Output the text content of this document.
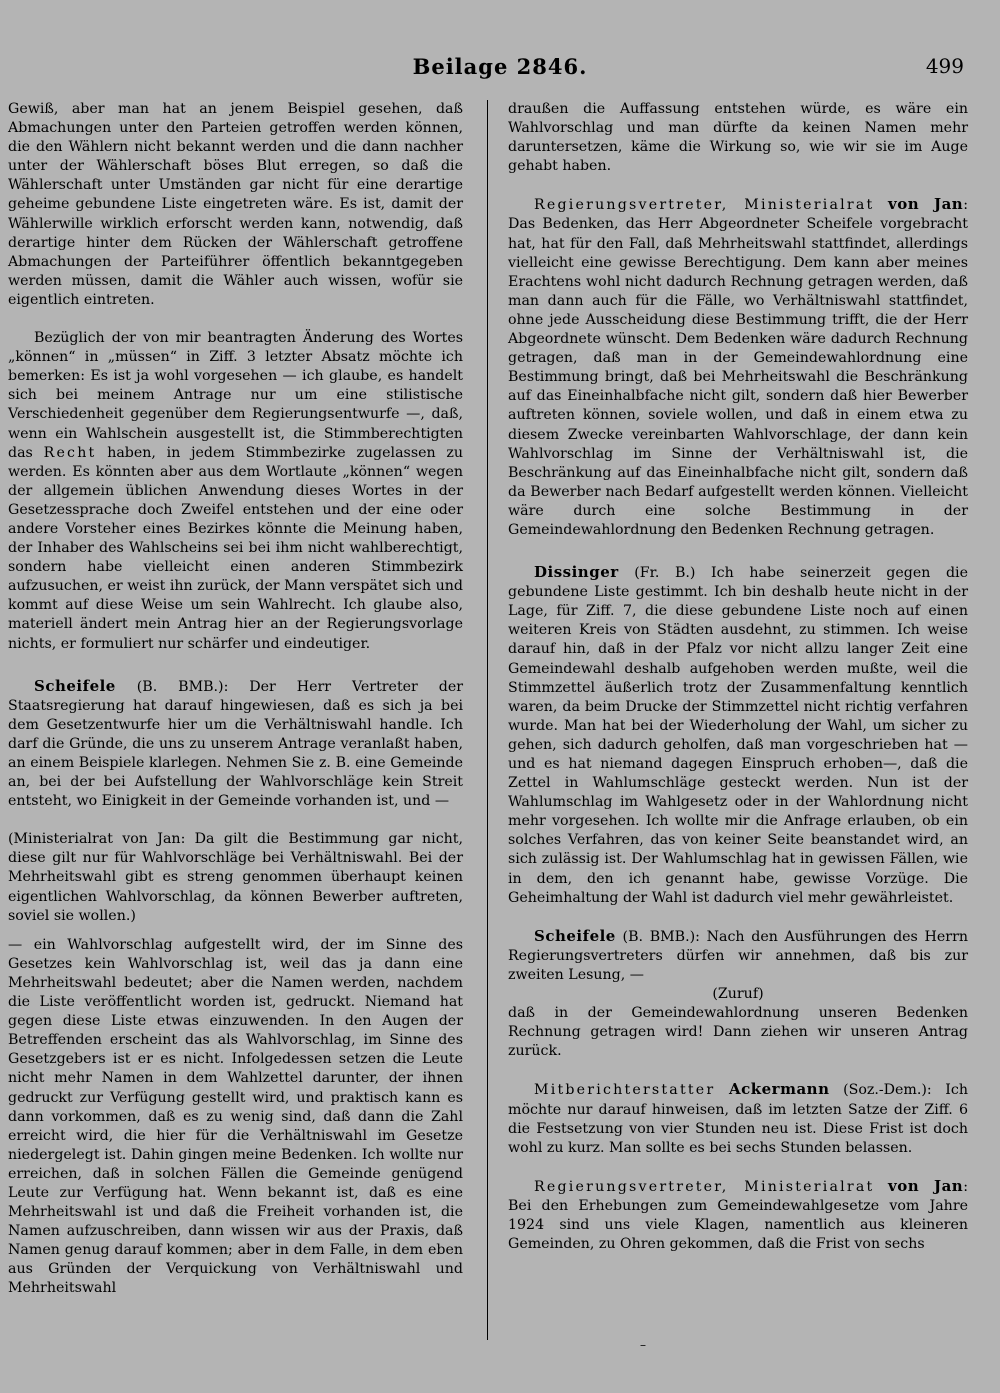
Beilage 2846.	499

Gewiß, aber man hat an jenem Beispiel gesehen, daß Abmachungen unter den Parteien getroffen werden können, die den Wählern nicht bekannt werden und die dann nachher unter der Wählerschaft böses Blut erregen, so daß die Wählerschaft unter Umständen gar nicht für eine derartige geheime gebundene Liste eingetreten wäre. Es ist, damit der Wählerwille wirklich erforscht werden kann, notwendig, daß derartige hinter dem Rücken der Wählerschaft getroffene Abmachungen der Parteiführer öffentlich bekanntgegeben werden müssen, damit die Wähler auch wissen, wofür sie eigentlich eintreten.

Bezüglich der von mir beantragten Änderung des Wortes „können“ in „müssen“ in Ziff. 3 letzter Absatz möchte ich bemerken: Es ist ja wohl vorgesehen — ich glaube, es handelt sich bei meinem Antrage nur um eine stilistische Verschiedenheit gegenüber dem Regierungsentwurfe —, daß, wenn ein Wahlschein ausgestellt ist, die Stimmberechtigten das Recht haben, in jedem Stimmbezirke zugelassen zu werden. Es könnten aber aus dem Wortlaute „können“ wegen der allgemein üblichen Anwendung dieses Wortes in der Gesetzessprache doch Zweifel entstehen und der eine oder andere Vorsteher eines Bezirkes könnte die Meinung haben, der Inhaber des Wahlscheins sei bei ihm nicht wahlberechtigt, sondern habe vielleicht einen anderen Stimmbezirk aufzusuchen, er weist ihn zurück, der Mann verspätet sich und kommt auf diese Weise um sein Wahlrecht. Ich glaube also, materiell ändert mein Antrag hier an der Regierungsvorlage nichts, er formuliert nur schärfer und eindeutiger.

Scheifele (B. BMB.): Der Herr Vertreter der Staatsregierung hat darauf hingewiesen, daß es sich ja bei dem Gesetzentwurfe hier um die Verhältniswahl handle. Ich darf die Gründe, die uns zu unserem Antrage veranlaßt haben, an einem Beispiele klarlegen. Nehmen Sie z. B. eine Gemeinde an, bei der bei Aufstellung der Wahlvorschläge kein Streit entsteht, wo Einigkeit in der Gemeinde vorhanden ist, und —

(Ministerialrat von Jan: Da gilt die Bestimmung gar nicht, diese gilt nur für Wahlvorschläge bei Verhältniswahl. Bei der Mehrheitswahl gibt es streng genommen überhaupt keinen eigentlichen Wahlvorschlag, da können Bewerber auftreten, soviel sie wollen.)

— ein Wahlvorschlag aufgestellt wird, der im Sinne des Gesetzes kein Wahlvorschlag ist, weil das ja dann eine Mehrheitswahl bedeutet; aber die Namen werden, nachdem die Liste veröffentlicht worden ist, gedruckt. Niemand hat gegen diese Liste etwas einzuwenden. In den Augen der Betreffenden erscheint das als Wahlvorschlag, im Sinne des Gesetzgebers ist er es nicht. Infolgedessen setzen die Leute nicht mehr Namen in dem Wahlzettel darunter, der ihnen gedruckt zur Verfügung gestellt wird, und praktisch kann es dann vorkommen, daß es zu wenig sind, daß dann die Zahl erreicht wird, die hier für die Verhältniswahl im Gesetze niedergelegt ist. Dahin gingen meine Bedenken. Ich wollte nur erreichen, daß in solchen Fällen die Gemeinde genügend Leute zur Verfügung hat. Wenn bekannt ist, daß es eine Mehrheitswahl ist und daß die Freiheit vorhanden ist, die Namen aufzuschreiben, dann wissen wir aus der Praxis, daß Namen genug darauf kommen; aber in dem Falle, in dem eben aus Gründen der Verquickung von Verhältniswahl und Mehrheitswahl

draußen die Auffassung entstehen würde, es wäre ein Wahlvorschlag und man dürfte da keinen Namen mehr daruntersetzen, käme die Wirkung so, wie wir sie im Auge gehabt haben.

Regierungsvertreter, Ministerialrat von Jan: Das Bedenken, das Herr Abgeordneter Scheifele vorgebracht hat, hat für den Fall, daß Mehrheitswahl stattfindet, allerdings vielleicht eine gewisse Berechtigung. Dem kann aber meines Erachtens wohl nicht dadurch Rechnung getragen werden, daß man dann auch für die Fälle, wo Verhältniswahl stattfindet, ohne jede Ausscheidung diese Bestimmung trifft, die der Herr Abgeordnete wünscht. Dem Bedenken wäre dadurch Rechnung getragen, daß man in der Gemeindewahlordnung eine Bestimmung bringt, daß bei Mehrheitswahl die Beschränkung auf das Eineinhalbfache nicht gilt, sondern daß hier Bewerber auftreten können, soviele wollen, und daß in einem etwa zu diesem Zwecke vereinbarten Wahlvorschlage, der dann kein Wahlvorschlag im Sinne der Verhältniswahl ist, die Beschränkung auf das Eineinhalbfache nicht gilt, sondern daß da Bewerber nach Bedarf aufgestellt werden können. Vielleicht wäre durch eine solche Bestimmung in der Gemeindewahlordnung den Bedenken Rechnung getragen.

Dissinger (Fr. B.) Ich habe seinerzeit gegen die gebundene Liste gestimmt. Ich bin deshalb heute nicht in der Lage, für Ziff. 7, die diese gebundene Liste noch auf einen weiteren Kreis von Städten ausdehnt, zu stimmen. Ich weise darauf hin, daß in der Pfalz vor nicht allzu langer Zeit eine Gemeindewahl deshalb aufgehoben werden mußte, weil die Stimmzettel äußerlich trotz der Zusammenfaltung kenntlich waren, da beim Drucke der Stimmzettel nicht richtig verfahren wurde. Man hat bei der Wiederholung der Wahl, um sicher zu gehen, sich dadurch geholfen, daß man vorgeschrieben hat — und es hat niemand dagegen Einspruch erhoben—, daß die Zettel in Wahlumschläge gesteckt werden. Nun ist der Wahlumschlag im Wahlgesetz oder in der Wahlordnung nicht mehr vorgesehen. Ich wollte mir die Anfrage erlauben, ob ein solches Verfahren, das von keiner Seite beanstandet wird, an sich zulässig ist. Der Wahlumschlag hat in gewissen Fällen, wie in dem, den ich genannt habe, gewisse Vorzüge. Die Geheimhaltung der Wahl ist dadurch viel mehr gewährleistet.

Scheifele (B. BMB.): Nach den Ausführungen des Herrn Regierungsvertreters dürfen wir annehmen, daß bis zur zweiten Lesung, —

(Zuruf)

daß in der Gemeindewahlordnung unseren Bedenken Rechnung getragen wird! Dann ziehen wir unseren Antrag zurück.

Mitberichterstatter Ackermann (Soz.-Dem.): Ich möchte nur darauf hinweisen, daß im letzten Satze der Ziff. 6 die Festsetzung von vier Stunden neu ist. Diese Frist ist doch wohl zu kurz. Man sollte es bei sechs Stunden belassen.

Regierungsvertreter, Ministerialrat von Jan: Bei den Erhebungen zum Gemeindewahlgesetze vom Jahre 1924 sind uns viele Klagen, namentlich aus kleineren Gemeinden, zu Ohren gekommen, daß die Frist von sechs

–
